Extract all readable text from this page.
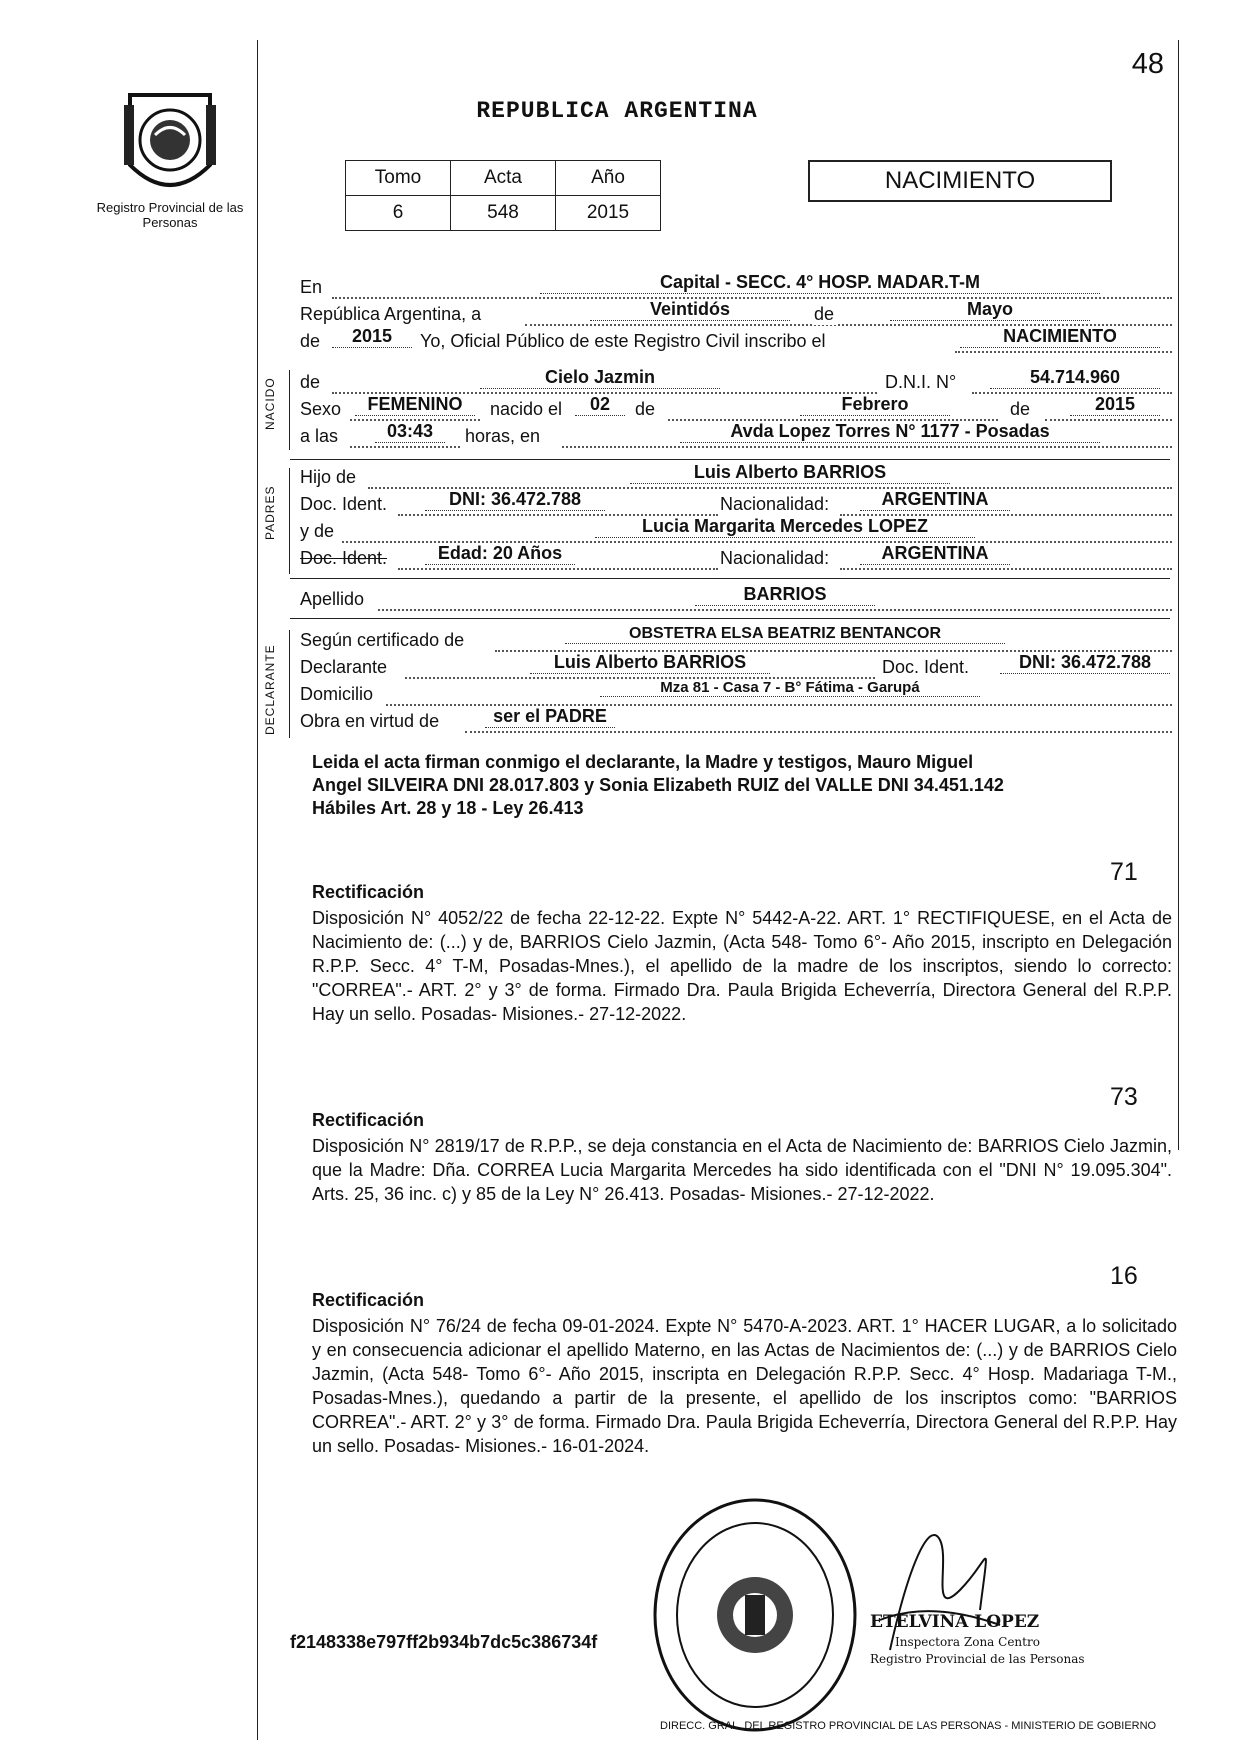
48
Registro Provincial de las Personas
REPUBLICA ARGENTINA
Tomo	Acta	Año
6	548	2015
NACIMIENTO
En	Capital - SECC. 4° HOSP. MADAR.T-M
República Argentina, a	Veintidós	de	Mayo
de	2015	Yo, Oficial Público de este Registro Civil inscribo el	NACIMIENTO
de	Cielo Jazmin	D.N.I. N°	54.714.960
Sexo	FEMENINO	nacido el	02	de	Febrero	de	2015
a las	03:43	horas, en	Avda Lopez Torres N° 1177 - Posadas
Hijo de	Luis Alberto BARRIOS
Doc. Ident.	DNI: 36.472.788	Nacionalidad:	ARGENTINA
y de	Lucia Margarita Mercedes LOPEZ
Doc. Ident.	Edad: 20 Años	Nacionalidad:	ARGENTINA
Apellido	BARRIOS
Según certificado de	OBSTETRA ELSA BEATRIZ BENTANCOR
Declarante	Luis Alberto BARRIOS	Doc. Ident.	DNI: 36.472.788
Domicilio	Mza 81 - Casa 7 - B° Fátima - Garupá
Obra en virtud de	ser el PADRE
NACIDO
PADRES
DECLARANTE
Leida el acta firman conmigo el declarante, la Madre y testigos, Mauro Miguel
Angel SILVEIRA DNI 28.017.803 y Sonia Elizabeth RUIZ del VALLE DNI 34.451.142
Hábiles Art. 28 y 18 - Ley 26.413
71
Rectificación
Disposición N° 4052/22 de fecha 22-12-22. Expte N° 5442-A-22. ART. 1° RECTIFIQUESE, en el Acta de Nacimiento de: (...) y de, BARRIOS Cielo Jazmin, (Acta 548- Tomo 6°- Año 2015, inscripto en Delegación R.P.P. Secc. 4° T-M, Posadas-Mnes.), el apellido de la madre de los inscriptos, siendo lo correcto: "CORREA".- ART. 2° y 3° de forma. Firmado Dra. Paula Brigida Echeverría, Directora General del R.P.P. Hay un sello. Posadas- Misiones.- 27-12-2022.
73
Rectificación
Disposición N° 2819/17 de R.P.P., se deja constancia en el Acta de Nacimiento de: BARRIOS Cielo Jazmin, que la Madre: Dña. CORREA Lucia Margarita Mercedes ha sido identificada con el "DNI N° 19.095.304". Arts. 25, 36 inc. c) y 85 de la Ley N° 26.413. Posadas- Misiones.- 27-12-2022.
16
Rectificación
Disposición N° 76/24 de fecha 09-01-2024. Expte N° 5470-A-2023. ART. 1° HACER LUGAR, a lo solicitado y en consecuencia adicionar el apellido Materno, en las Actas de Nacimientos de: (...) y de BARRIOS Cielo Jazmin, (Acta 548- Tomo 6°- Año 2015, inscripta en Delegación R.P.P. Secc. 4° Hosp. Madariaga T-M., Posadas-Mnes.), quedando a partir de la presente, el apellido de los inscriptos como: "BARRIOS CORREA".- ART. 2° y 3° de forma. Firmado Dra. Paula Brigida Echeverría, Directora General del R.P.P. Hay un sello. Posadas- Misiones.- 16-01-2024.
DIRECC. GRAL. DEL REGISTRO PROVINCIAL DE LAS PERSONAS - MINISTERIO DE GOBIERNO
ETELVINA LOPEZ
Inspectora Zona Centro
Registro Provincial de las Personas
f2148338e797ff2b934b7dc5c386734f
